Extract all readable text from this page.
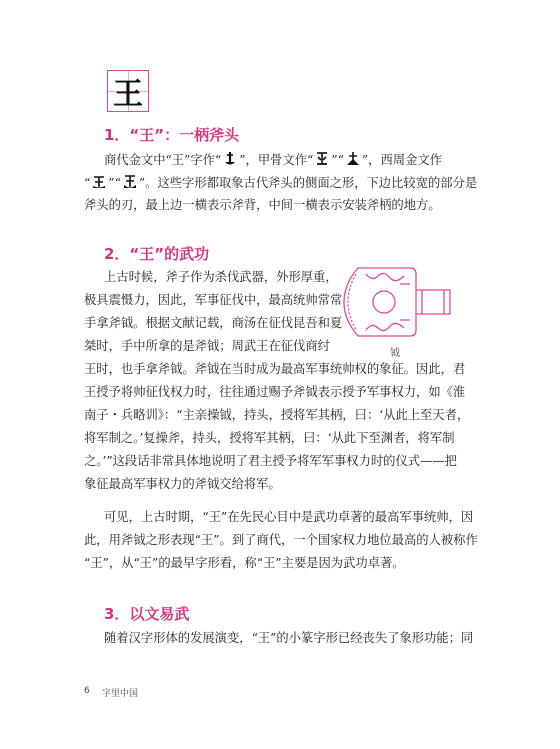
王
1．“王”：一柄斧头
商代金文中“王”字作“ ”，甲骨文作“ ”“ ”，西周金文作
“ ”“ ”。这些字形都取象古代斧头的侧面之形，下边比较宽的部分是
斧头的刃，最上边一横表示斧背，中间一横表示安装斧柄的地方。
2．“王”的武功
上古时候，斧子作为杀伐武器，外形厚重，
极具震慑力，因此，军事征伐中，最高统帅常常
手拿斧钺。根据文献记载，商汤在征伐昆吾和夏
桀时，手中所拿的是斧钺；周武王在征伐商纣
王时，也手拿斧钺。斧钺在当时成为最高军事统帅权的象征。因此，君
王授予将帅征伐权力时，往往通过赐予斧钺表示授予军事权力，如《淮
南子・兵略训》：“主亲操钺，持头，授将军其柄，曰：‘从此上至天者，
将军制之。’复操斧，持头，授将军其柄，曰：‘从此下至渊者，将军制
之。’”这段话非常具体地说明了君主授予将军军事权力时的仪式——把
象征最高军事权力的斧钺交给将军。
可见，上古时期，“王”在先民心目中是武功卓著的最高军事统帅，因
此，用斧钺之形表现“王”。到了商代，一个国家权力地位最高的人被称作
“王”，从“王”的最早字形看，称“王”主要是因为武功卓著。
钺
3．以文易武
随着汉字形体的发展演变，“王”的小篆字形已经丧失了象形功能；同
6 字里中国
